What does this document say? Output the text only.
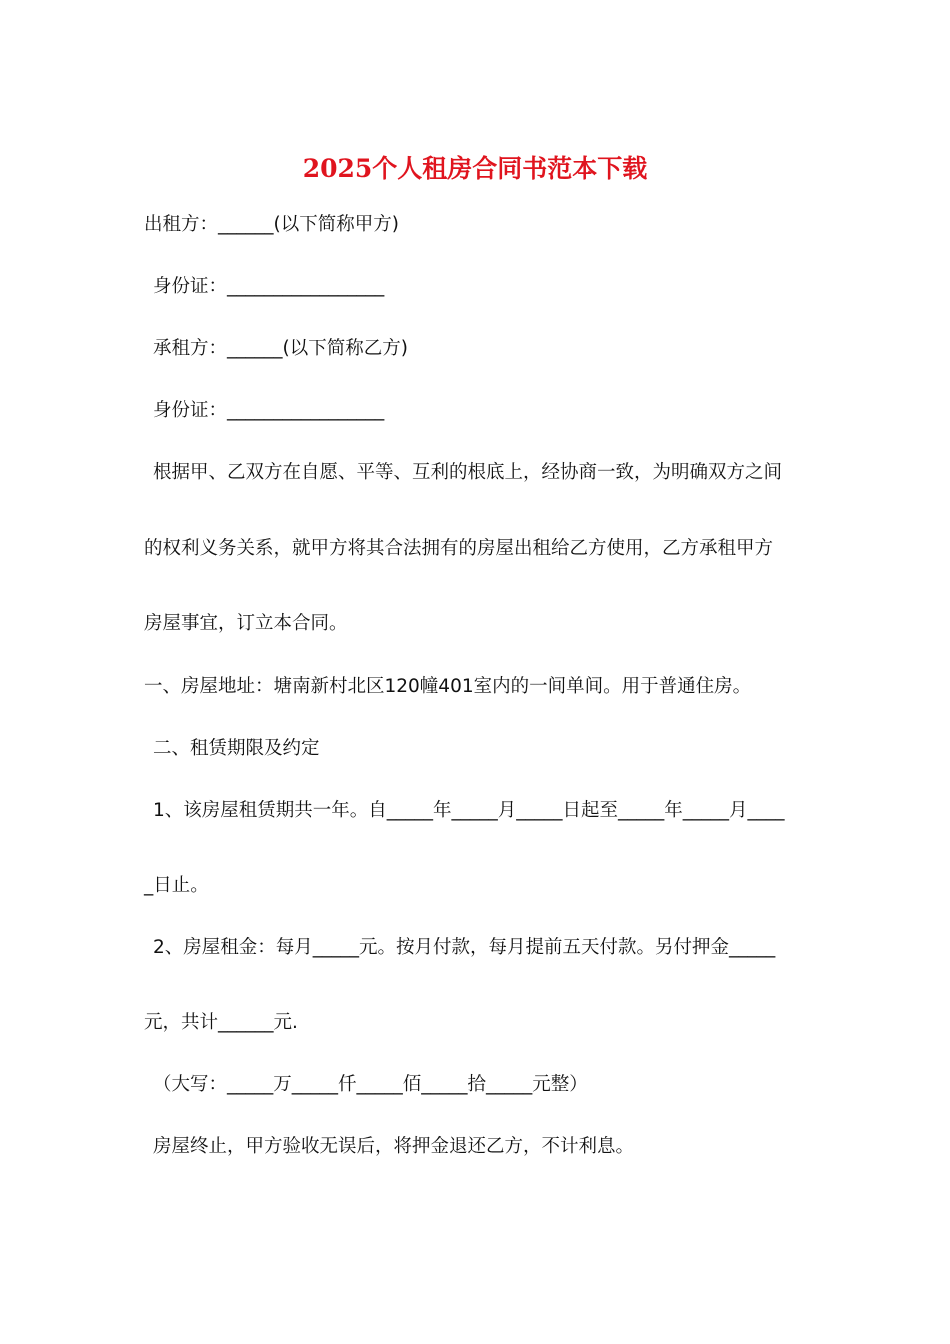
2025个人租房合同书范本下载
出租方：______(以下简称甲方)
身份证：_________________
承租方：______(以下简称乙方)
身份证：_________________
根据甲、乙双方在自愿、平等、互利的根底上，经协商一致，为明确双方之间
的权利义务关系，就甲方将其合法拥有的房屋出租给乙方使用，乙方承租甲方
房屋事宜，订立本合同。
一、房屋地址：塘南新村北区120幢401室内的一间单间。用于普通住房。
二、租赁期限及约定
1、该房屋租赁期共一年。自_____年_____月_____日起至_____年_____月____
_日止。
2、房屋租金：每月_____元。按月付款，每月提前五天付款。另付押金_____
元，共计______元.
（大写：_____万_____仟_____佰_____拾_____元整）
房屋终止，甲方验收无误后，将押金退还乙方，不计利息。
